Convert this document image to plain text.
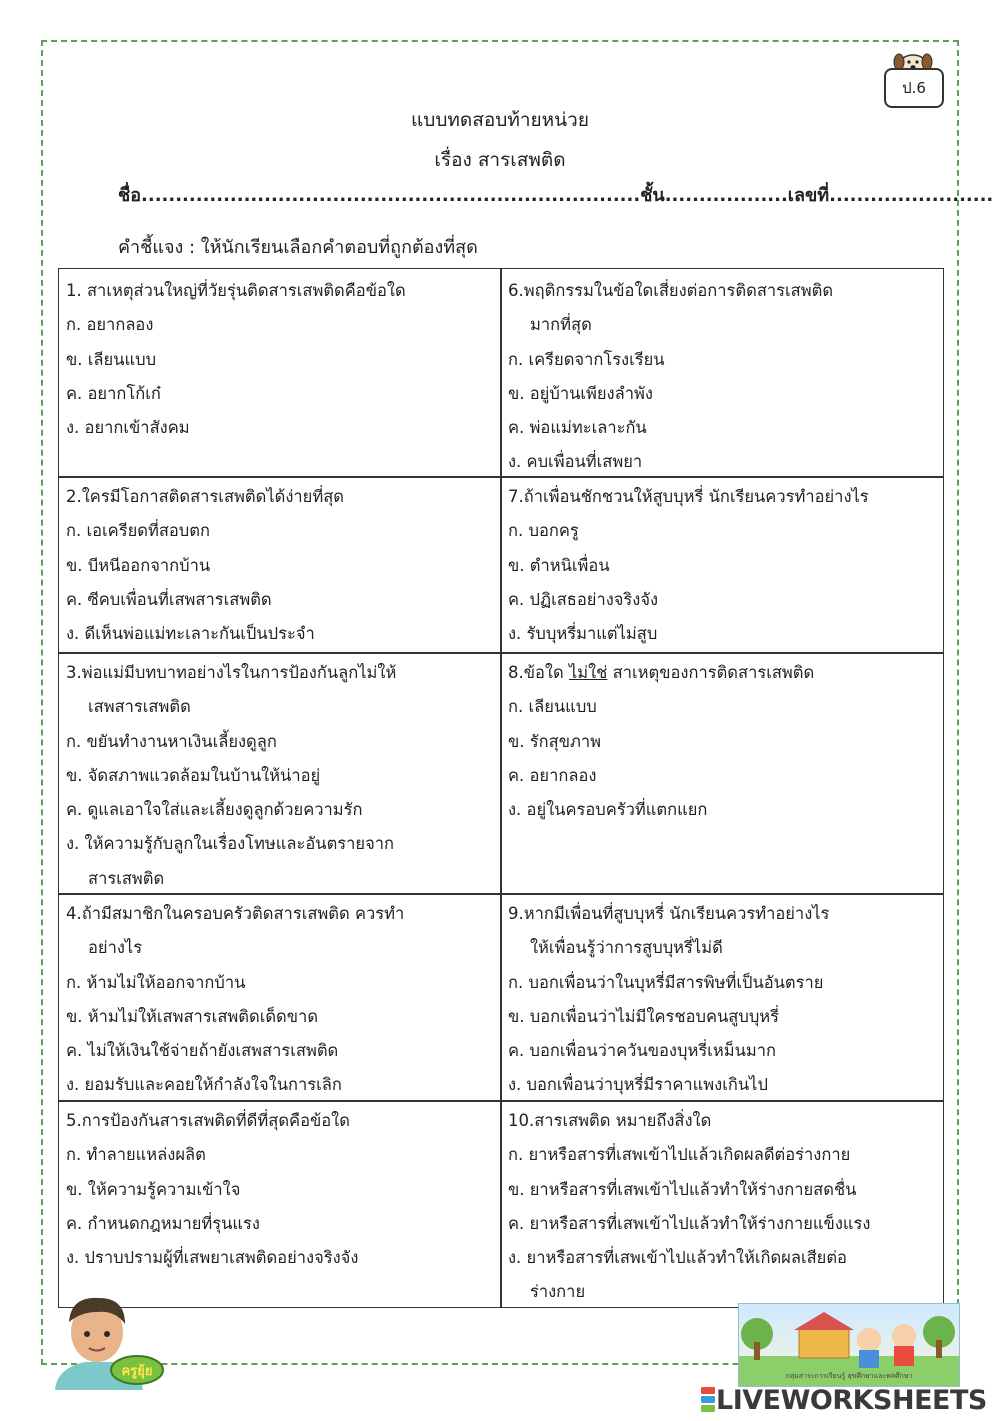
ป.6
แบบทดสอบท้ายหน่วย
เรื่อง สารเสพติด
ชื่อ.........................................................................ชั้น..................เลขที่........................
คำชี้แจง : ให้นักเรียนเลือกคำตอบที่ถูกต้องที่สุด
1. สาเหตุส่วนใหญ่ที่วัยรุ่นติดสารเสพติดคือข้อใด
ก. อยากลอง
ข. เลียนแบบ
ค. อยากโก้เก๋
ง. อยากเข้าสังคม
6.พฤติกรรมในข้อใดเสี่ยงต่อการติดสารเสพติด
มากที่สุด
ก. เครียดจากโรงเรียน
ข. อยู่บ้านเพียงลำพัง
ค. พ่อแม่ทะเลาะกัน
ง. คบเพื่อนที่เสพยา
2.ใครมีโอกาสติดสารเสพติดได้ง่ายที่สุด
ก. เอเครียดที่สอบตก
ข. บีหนีออกจากบ้าน
ค. ซีคบเพื่อนที่เสพสารเสพติด
ง. ดีเห็นพ่อแม่ทะเลาะกันเป็นประจำ
7.ถ้าเพื่อนชักชวนให้สูบบุหรี่ นักเรียนควรทำอย่างไร
ก. บอกครู
ข. ตำหนิเพื่อน
ค. ปฏิเสธอย่างจริงจัง
ง. รับบุหรี่มาแต่ไม่สูบ
3.พ่อแม่มีบทบาทอย่างไรในการป้องกันลูกไม่ให้
เสพสารเสพติด
ก. ขยันทำงานหาเงินเลี้ยงดูลูก
ข. จัดสภาพแวดล้อมในบ้านให้น่าอยู่
ค. ดูแลเอาใจใส่และเลี้ยงดูลูกด้วยความรัก
ง. ให้ความรู้กับลูกในเรื่องโทษและอันตรายจาก
สารเสพติด
8.ข้อใด ไม่ใช่ สาเหตุของการติดสารเสพติด
ก. เลียนแบบ
ข. รักสุขภาพ
ค. อยากลอง
ง. อยู่ในครอบครัวที่แตกแยก
4.ถ้ามีสมาชิกในครอบครัวติดสารเสพติด ควรทำ
อย่างไร
ก. ห้ามไม่ให้ออกจากบ้าน
ข. ห้ามไม่ให้เสพสารเสพติดเด็ดขาด
ค. ไม่ให้เงินใช้จ่ายถ้ายังเสพสารเสพติด
ง. ยอมรับและคอยให้กำลังใจในการเลิก
9.หากมีเพื่อนที่สูบบุหรี่ นักเรียนควรทำอย่างไร
ให้เพื่อนรู้ว่าการสูบบุหรี่ไม่ดี
ก. บอกเพื่อนว่าในบุหรี่มีสารพิษที่เป็นอันตราย
ข. บอกเพื่อนว่าไม่มีใครชอบคนสูบบุหรี่
ค. บอกเพื่อนว่าควันของบุหรี่เหม็นมาก
ง. บอกเพื่อนว่าบุหรี่มีราคาแพงเกินไป
5.การป้องกันสารเสพติดที่ดีที่สุดคือข้อใด
ก. ทำลายแหล่งผลิต
ข. ให้ความรู้ความเข้าใจ
ค. กำหนดกฎหมายที่รุนแรง
ง. ปราบปรามผู้ที่เสพยาเสพติดอย่างจริงจัง
10.สารเสพติด หมายถึงสิ่งใด
ก. ยาหรือสารที่เสพเข้าไปแล้วเกิดผลดีต่อร่างกาย
ข. ยาหรือสารที่เสพเข้าไปแล้วทำให้ร่างกายสดชื่น
ค. ยาหรือสารที่เสพเข้าไปแล้วทำให้ร่างกายแข็งแรง
ง. ยาหรือสารที่เสพเข้าไปแล้วทำให้เกิดผลเสียต่อ
ร่างกาย
ครูยุ้ย	กลุ่มสาระการเรียนรู้ สุขศึกษาและพลศึกษา
LIVEWORKSHEETS
